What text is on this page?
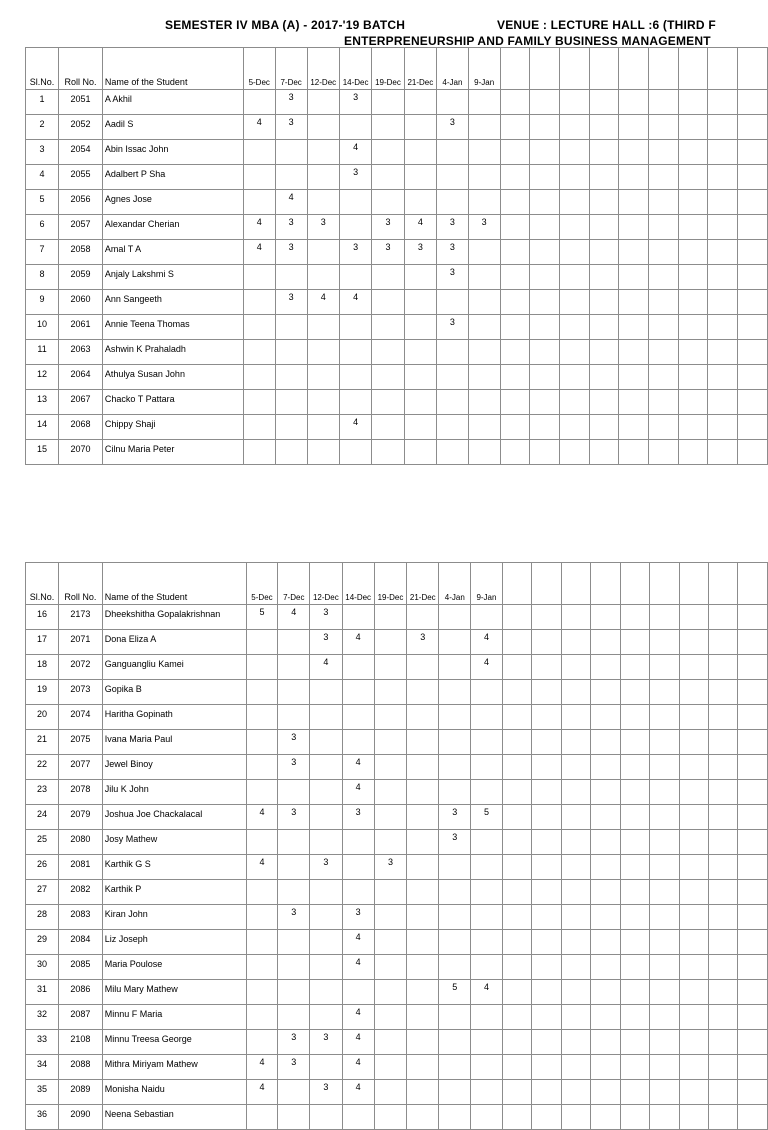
SEMESTER IV MBA (A) - 2017-'19 BATCH	VENUE : LECTURE HALL :6 (THIRD F
ENTERPRENEURSHIP AND FAMILY BUSINESS MANAGEMENT
Sl.No.	Roll No.	Name of the Student	5-Dec	7-Dec	12-Dec	14-Dec	19-Dec	21-Dec	4-Jan	9-Jan									
1	2051	A Akhil		3		3													
2	2052	Aadil S	4	3					3										
3	2054	Abin Issac John				4													
4	2055	Adalbert P Sha				3													
5	2056	Agnes Jose		4															
6	2057	Alexandar Cherian	4	3	3		3	4	3	3									
7	2058	Amal T A	4	3		3	3	3	3										
8	2059	Anjaly Lakshmi S							3										
9	2060	Ann Sangeeth		3	4	4													
10	2061	Annie Teena Thomas							3										
11	2063	Ashwin K Prahaladh																	
12	2064	Athulya Susan John																	
13	2067	Chacko T Pattara																	
14	2068	Chippy Shaji				4													
15	2070	Cilnu Maria Peter																	
Sl.No.	Roll No.	Name of the Student	5-Dec	7-Dec	12-Dec	14-Dec	19-Dec	21-Dec	4-Jan	9-Jan									
16	2173	Dheekshitha Gopalakrishnan	5	4	3														
17	2071	Dona Eliza A			3	4		3		4									
18	2072	Ganguangliu Kamei			4					4									
19	2073	Gopika B																	
20	2074	Haritha Gopinath																	
21	2075	Ivana Maria Paul		3															
22	2077	Jewel Binoy		3		4													
23	2078	Jilu K John				4													
24	2079	Joshua Joe Chackalacal	4	3		3			3	5									
25	2080	Josy Mathew							3										
26	2081	Karthik G S	4		3		3												
27	2082	Karthik P																	
28	2083	Kiran John		3		3													
29	2084	Liz Joseph				4													
30	2085	Maria Poulose				4													
31	2086	Milu Mary Mathew							5	4									
32	2087	Minnu F Maria				4													
33	2108	Minnu Treesa George		3	3	4													
34	2088	Mithra Miriyam Mathew	4	3		4													
35	2089	Monisha Naidu	4		3	4													
36	2090	Neena Sebastian																	
